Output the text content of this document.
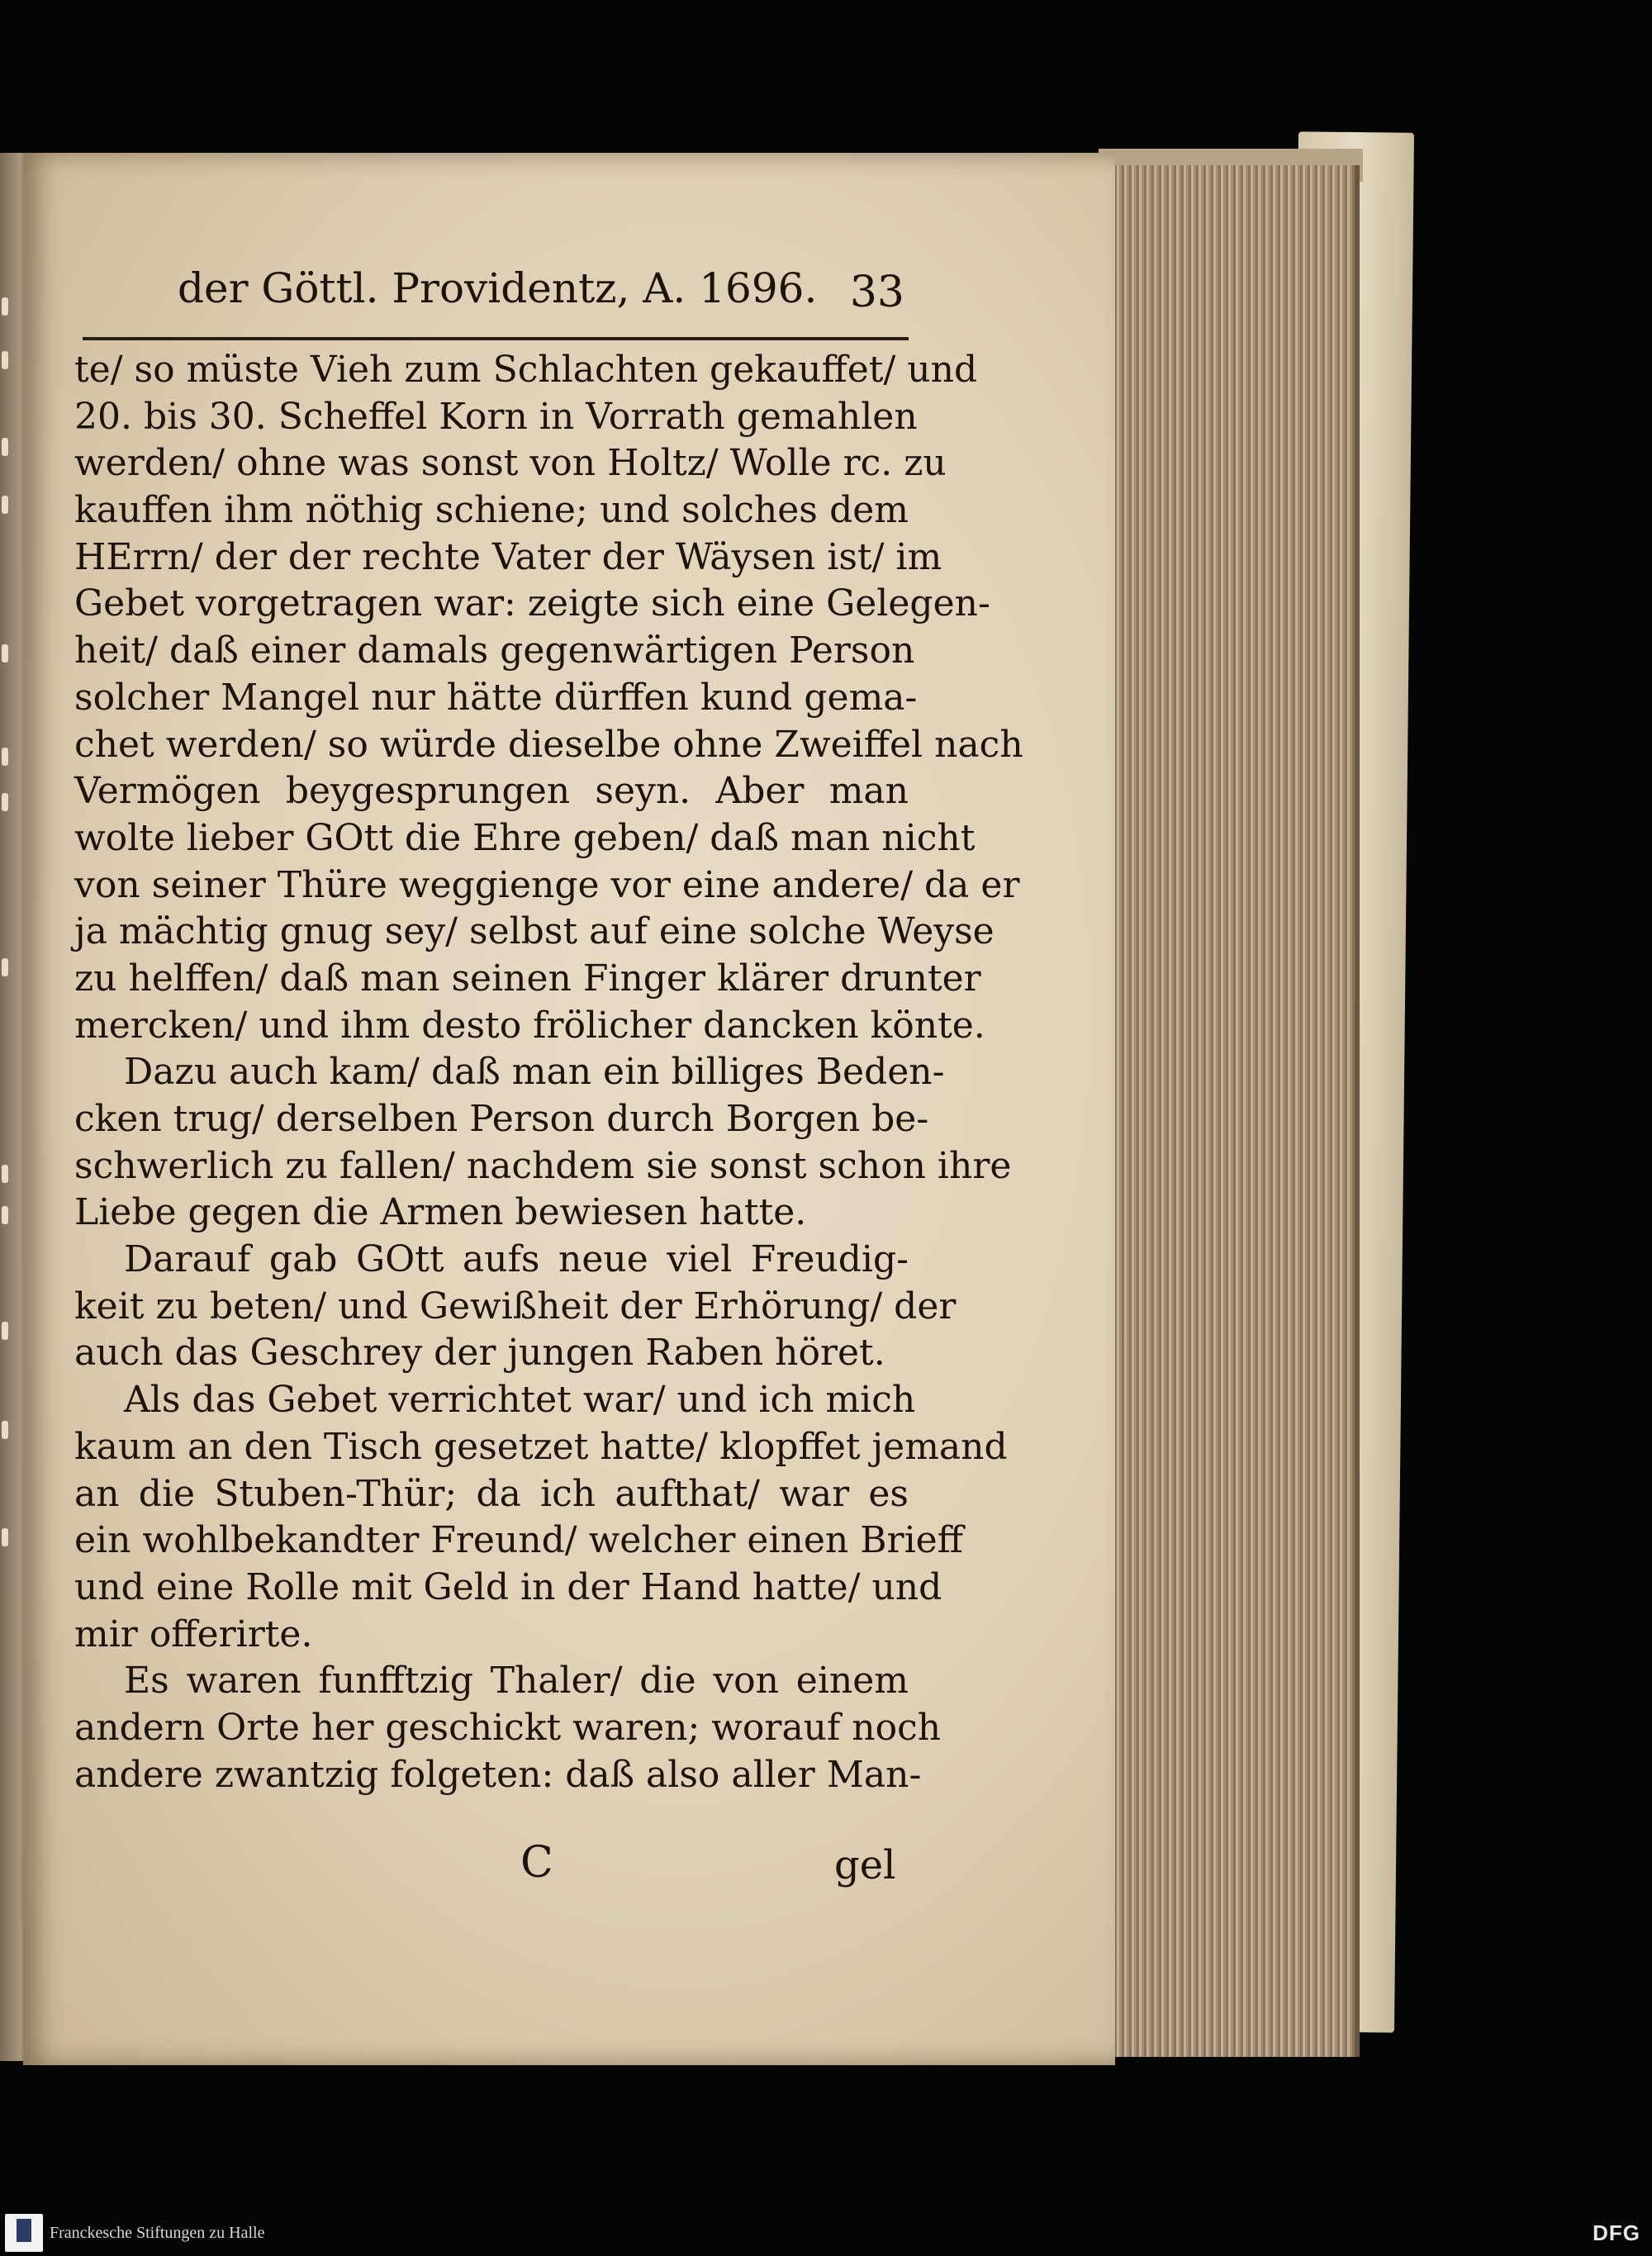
der Göttl. Providentz, A. 1696. 33
te/ so müste Vieh zum Schlachten gekauffet/ und
20. bis 30. Scheffel Korn in Vorrath gemahlen
werden/ ohne was sonst von Holtz/ Wolle rc. zu
kauffen ihm nöthig schiene; und solches dem
HErrn/ der der rechte Vater der Wäysen ist/ im
Gebet vorgetragen war: zeigte sich eine Gelegen-
heit/ daß einer damals gegenwärtigen Person
solcher Mangel nur hätte dürffen kund gema-
chet werden/ so würde dieselbe ohne Zweiffel nach
Vermögen beygesprungen seyn. Aber man
wolte lieber GOtt die Ehre geben/ daß man nicht
von seiner Thüre weggienge vor eine andere/ da er
ja mächtig gnug sey/ selbst auf eine solche Weyse
zu helffen/ daß man seinen Finger klärer drunter
mercken/ und ihm desto frölicher dancken könte.
Dazu auch kam/ daß man ein billiges Beden-
cken trug/ derselben Person durch Borgen be-
schwerlich zu fallen/ nachdem sie sonst schon ihre
Liebe gegen die Armen bewiesen hatte.
Darauf gab GOtt aufs neue viel Freudig-
keit zu beten/ und Gewißheit der Erhörung/ der
auch das Geschrey der jungen Raben höret.
Als das Gebet verrichtet war/ und ich mich
kaum an den Tisch gesetzet hatte/ klopffet jemand
an die Stuben-Thür; da ich aufthat/ war es
ein wohlbekandter Freund/ welcher einen Brieff
und eine Rolle mit Geld in der Hand hatte/ und
mir offerirte.
Es waren funfftzig Thaler/ die von einem
andern Orte her geschickt waren; worauf noch
andere zwantzig folgeten: daß also aller Man-
C	gel
Franckesche Stiftungen zu Halle	DFG
